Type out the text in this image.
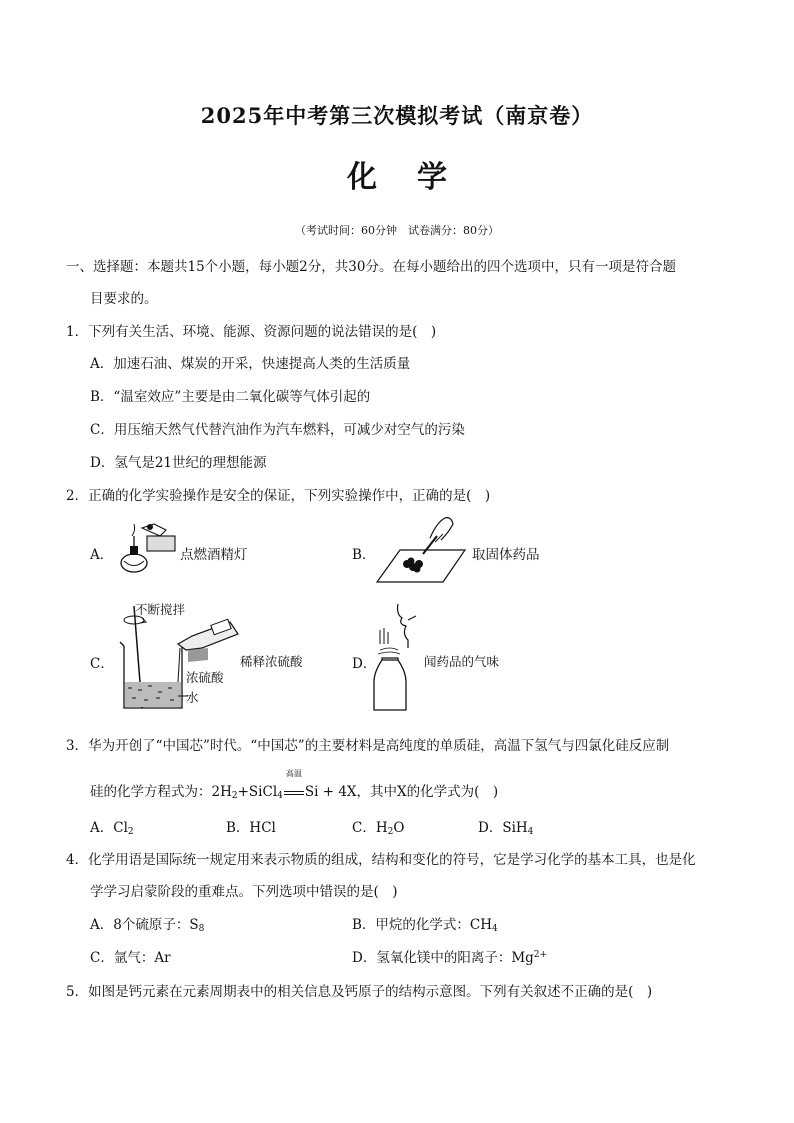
2025年中考第三次模拟考试（南京卷）
化学
（考试时间：60分钟　试卷满分：80分）
一、选择题：本题共15个小题，每小题2分，共30分。在每小题给出的四个选项中，只有一项是符合题
目要求的。
1．下列有关生活、环境、能源、资源问题的说法错误的是(　)
A．加速石油、煤炭的开采，快速提高人类的生活质量
B．“温室效应”主要是由二氧化碳等气体引起的
C．用压缩天然气代替汽油作为汽车燃料，可减少对空气的污染
D．氢气是21世纪的理想能源
2．正确的化学实验操作是安全的保证，下列实验操作中，正确的是(　)
A．	点燃酒精灯	B．	取固体药品
C．
不断搅拌
稀释浓硫酸
浓硫酸
水
D．	闻药品的气味
3．华为开创了“中国芯”时代。“中国芯”的主要材料是高纯度的单质硅，高温下氢气与四氯化硅反应制
硅的化学方程式为：$2H_2+SiCl_4$
高温
Si + 4X，其中X的化学式为(　)
A．$Cl_2$	B．HCl	C．$H_2O$	D．SiH$_4$
4．化学用语是国际统一规定用来表示物质的组成，结构和变化的符号，它是学习化学的基本工具，也是化
学学习启蒙阶段的重难点。下列选项中错误的是(　)
A．8个硫原子：$S_8$	B．甲烷的化学式：$CH_4$
C．氩气：Ar	D．氢氧化镁中的阳离子：$Mg^{2+}$
5．如图是钙元素在元素周期表中的相关信息及钙原子的结构示意图。下列有关叙述不正确的是(　)
